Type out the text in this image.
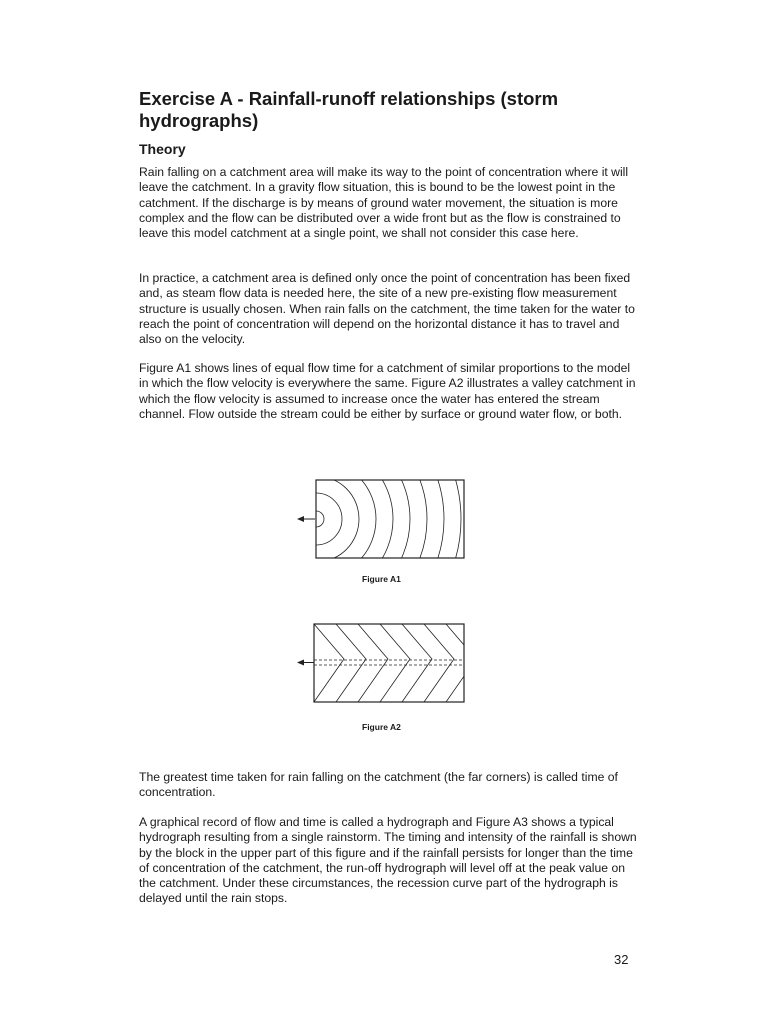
Exercise A - Rainfall-runoff relationships (storm hydrographs)
Theory

Rain falling on a catchment area will make its way to the point of concentration where it will leave the catchment. In a gravity flow situation, this is bound to be the lowest point in the catchment. If the discharge is by means of ground water movement, the situation is more complex and the flow can be distributed over a wide front but as the flow is constrained to leave this model catchment at a single point, we shall not consider this case here.

In practice, a catchment area is defined only once the point of concentration has been fixed and, as steam flow data is needed here, the site of a new pre-existing flow measurement structure is usually chosen. When rain falls on the catchment, the time taken for the water to reach the point of concentration will depend on the horizontal distance it has to travel and also on the velocity.

Figure A1 shows lines of equal flow time for a catchment of similar proportions to the model in which the flow velocity is everywhere the same. Figure A2 illustrates a valley catchment in which the flow velocity is assumed to increase once the water has entered the stream channel. Flow outside the stream could be either by surface or ground water flow, or both.

Figure A1

Figure A2

The greatest time taken for rain falling on the catchment (the far corners) is called time of concentration.

A graphical record of flow and time is called a hydrograph and Figure A3 shows a typical hydrograph resulting from a single rainstorm. The timing and intensity of the rainfall is shown by the block in the upper part of this figure and if the rainfall persists for longer than the time of concentration of the catchment, the run-off hydrograph will level off at the peak value on the catchment. Under these circumstances, the recession curve part of the hydrograph is delayed until the rain stops.

32
